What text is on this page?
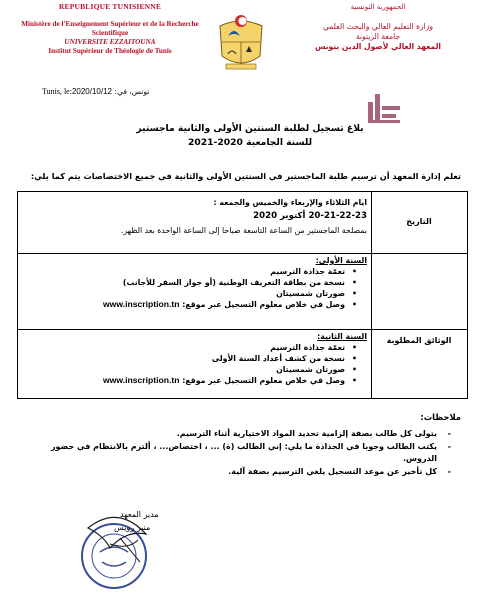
REPUBLIQUE TUNISIENNE
Ministère de l'Enseignement Supérieur et de la Recherche Scientifique
UNIVERSITE EZZAITOUNA
Institut Supérieur de Théologie de Tunis
الجمهورية التونسية
وزارة التعليم العالي والبحث العلمي
جامعة الزيتونة
المعهد العالي لأصول الدين بتونس
Tunis, le:2020/10/12 :تونس، في
بلاغ تسجيل لطلبة السنتين الأولى والثانية ماجستير
للسنة الجامعية 2020-2021
تعلم إدارة المعهد أن ترسيم طلبة الماجستير في السنتين الأولى والثانية في جميع الاختصاصات يتم كما يلي:
التاريخ
ايام الثلاثاء والإربعاء والخميس والجمعه :
20-21-22-23 أكتوبر 2020
بمصلحة الماجستير من الساعة التاسعة صباحا إلى الساعة الواحدة بعد الظهر.
الوثائق المطلوبة
السنة الأولى:
• تعمّة جذاذة الترسيم
• نسخة من بطاقة التعريف الوطنية (أو جواز السفر للأجانب)
• صورتان شمسيتان
• وصل في خلاص معلوم التسجيل عبر موقع: www.inscription.tn
السنة الثانية:
• تعمّة جذاذة الترسيم
• نسخة من كشف أعداد السنة الأولى
• صورتان شمسيتان
• وصل في خلاص معلوم التسجيل عبر موقع: www.inscription.tn
ملاحظات:
- يتولى كل طالب بصفة إلزامية تحديد المواد الاختيارية أثناء الترسيم.
- يكتب الطالب وجوبا في الجذاذة ما يلي: إني الطالب (ة) ... ، اختصاص... ، ألتزم بالانتظام في حضور الدروس.
- كل تأخير عن موعد التسجيل يلغي الترسيم بصفة آلية.
مدير المعهد
منير رويس
